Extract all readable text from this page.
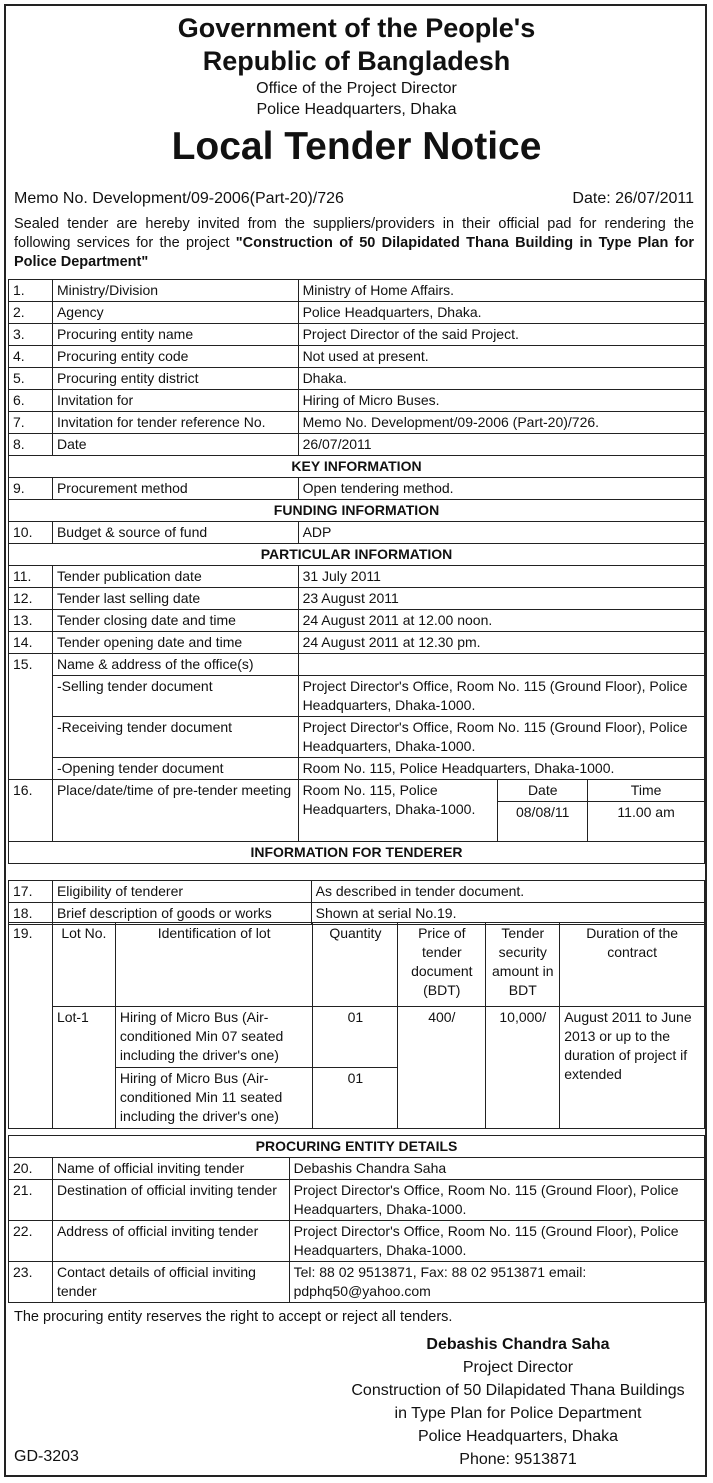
Government of the People's
Republic of Bangladesh
Office of the Project Director
Police Headquarters, Dhaka
Local Tender Notice
Memo No. Development/09-2006(Part-20)/726	Date: 26/07/2011
Sealed tender are hereby invited from the suppliers/providers in their official pad for rendering the following services for the project "Construction of 50 Dilapidated Thana Building in Type Plan for Police Department"
1.	Ministry/Division	Ministry of Home Affairs.		
2.	Agency	Police Headquarters, Dhaka.		
3.	Procuring entity name	Project Director of the said Project.		
4.	Procuring entity code	Not used at present.		
5.	Procuring entity district	Dhaka.		
6.	Invitation for	Hiring of Micro Buses.		
7.	Invitation for tender reference No.	Memo No. Development/09-2006 (Part-20)/726.		
8.	Date	26/07/2011		
KEY INFORMATION				
9.	Procurement method	Open tendering method.		
FUNDING INFORMATION				
10.	Budget & source of fund	ADP		
PARTICULAR INFORMATION				
11.	Tender publication date	31 July 2011		
12.	Tender last selling date	23 August 2011		
13.	Tender closing date and time	24 August 2011 at 12.00 noon.		
14.	Tender opening date and time	24 August 2011 at 12.30 pm.		
15.	Name & address of the office(s)			
	-Selling tender document	Project Director's Office, Room No. 115 (Ground Floor), Police Headquarters, Dhaka-1000.		
	-Receiving tender document	Project Director's Office, Room No. 115 (Ground Floor), Police Headquarters, Dhaka-1000.		
	-Opening tender document	Room No. 115, Police Headquarters, Dhaka-1000.		
16.	Place/date/time of pre-tender meeting	Room No. 115, Police Headquarters, Dhaka-1000.	Date	Time
			08/08/11	11.00 am
INFORMATION FOR TENDERER				
17.	Eligibility of tenderer	As described in tender document.
18.	Brief description of goods or works	Shown at serial No.19.
19.	Lot No.	Identification of lot	Quantity	Price of tender document (BDT)	Tender security amount in BDT	Duration of the contract
	Lot-1	Hiring of Micro Bus (Air-conditioned Min 07 seated including the driver's one)	01	400/	10,000/	August 2011 to June 2013 or up to the duration of project if extended
		Hiring of Micro Bus (Air-conditioned Min 11 seated including the driver's one)	01			
PROCURING ENTITY DETAILS		
20.	Name of official inviting tender	Debashis Chandra Saha
21.	Destination of official inviting tender	Project Director's Office, Room No. 115 (Ground Floor), Police Headquarters, Dhaka-1000.
22.	Address of official inviting tender	Project Director's Office, Room No. 115 (Ground Floor), Police Headquarters, Dhaka-1000.
23.	Contact details of official inviting tender	Tel: 88 02 9513871, Fax: 88 02 9513871 email: pdphq50@yahoo.com
The procuring entity reserves the right to accept or reject all tenders.
Debashis Chandra Saha
Project Director
Construction of 50 Dilapidated Thana Buildings
in Type Plan for Police Department
Police Headquarters, Dhaka
Phone: 9513871
GD-3203
